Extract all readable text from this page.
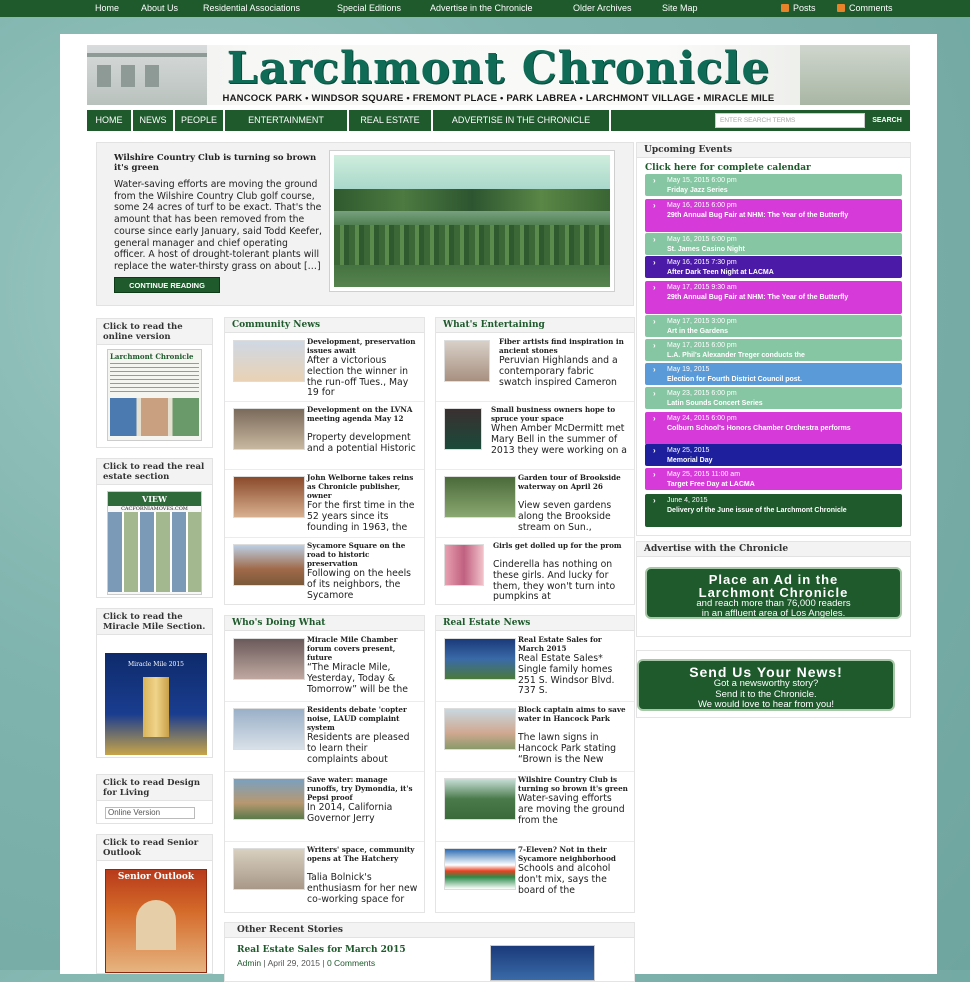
Home About Us	Residential Associations	Special Editions	Advertise in the Chronicle	Older Archives	Site Map	Posts	Comments
Larchmont Chronicle
HANCOCK PARK • WINDSOR SQUARE • FREMONT PLACE • PARK LABREA • LARCHMONT VILLAGE • MIRACLE MILE
HOME	NEWS	PEOPLE	ENTERTAINMENT	REAL ESTATE	ADVERTISE IN THE CHRONICLE	ENTER SEARCH TERMS	SEARCH
Wilshire Country Club is turning so brown it's green
Water-saving efforts are moving the ground from the Wilshire Country Club golf course, some 24 acres of turf to be exact. That's the amount that has been removed from the course since early January, said Todd Keefer, general manager and chief operating officer. A host of drought-tolerant plants will replace the water-thirsty grass on about […]
CONTINUE READING
Click to read the online version
Larchmont Chronicle
Click to read the real estate section
VIEW
CACFORNIAMOVES.COM
Click to read the Miracle Mile Section.
Miracle Mile 2015
Click to read Design for Living
Online Version
Click to read Senior Outlook
Senior Outlook
Community News
Development, preservation issues await
After a victorious election the winner in the run-off Tues., May 19 for
Development on the LVNA meeting agenda May 12
Property development and a potential Historic
John Welborne takes reins as Chronicle publisher, owner
For the first time in the 52 years since its founding in 1963, the
Sycamore Square on the road to historic preservation
Following on the heels of its neighbors, the Sycamore
What's Entertaining
Fiber artists find inspiration in ancient stones
Peruvian Highlands and a contemporary fabric swatch inspired Cameron
Small business owners hope to spruce your space
When Amber McDermitt met Mary Bell in the summer of 2013 they were working on a
Garden tour of Brookside waterway on April 26
View seven gardens along the Brookside stream on Sun.,
Girls get dolled up for the prom
Cinderella has nothing on these girls. And lucky for them, they won't turn into pumpkins at
Who's Doing What
Miracle Mile Chamber forum covers present, future
“The Miracle Mile, Yesterday, Today & Tomorrow” will be the
Residents debate 'copter noise, LAUD complaint system
Residents are pleased to learn their complaints about
Save water: manage runoffs, try Dymondia, it's Pepsi proof
In 2014, California Governor Jerry
Writers' space, community opens at The Hatchery
Talia Bolnick's enthusiasm for her new co-working space for
Real Estate News
Real Estate Sales for March 2015
Real Estate Sales* Single family homes 251 S. Windsor Blvd. 737 S.
Block captain aims to save water in Hancock Park
The lawn signs in Hancock Park stating “Brown is the New
Wilshire Country Club is turning so brown it's green
Water-saving efforts are moving the ground from the
7-Eleven? Not in their Sycamore neighborhood
Schools and alcohol don't mix, says the board of the
Upcoming Events
Click here for complete calendar
› May 15, 2015 6:00 pm
Friday Jazz Series
› May 16, 2015 6:00 pm
29th Annual Bug Fair at NHM: The Year of the Butterfly
› May 16, 2015 6:00 pm
St. James Casino Night
› May 16, 2015 7:30 pm
After Dark Teen Night at LACMA
› May 17, 2015 9:30 am
29th Annual Bug Fair at NHM: The Year of the Butterfly
› May 17, 2015 3:00 pm
Art in the Gardens
› May 17, 2015 6:00 pm
L.A. Phil's Alexander Treger conducts the
› May 19, 2015
Election for Fourth District Council post.
› May 23, 2015 6:00 pm
Latin Sounds Concert Series
› May 24, 2015 6:00 pm
Colburn School's Honors Chamber Orchestra performs
› May 25, 2015
Memorial Day
› May 25, 2015 11:00 am
Target Free Day at LACMA
› June 4, 2015
Delivery of the June issue of the Larchmont Chronicle
Advertise with the Chronicle
Place an Ad in the
Larchmont Chronicle
and reach more than 76,000 readers
in an affluent area of Los Angeles.
Send Us Your News!
Got a newsworthy story?
Send it to the Chronicle.
We would love to hear from you!
Other Recent Stories
Real Estate Sales for March 2015
Admin | April 29, 2015 | 0 Comments
